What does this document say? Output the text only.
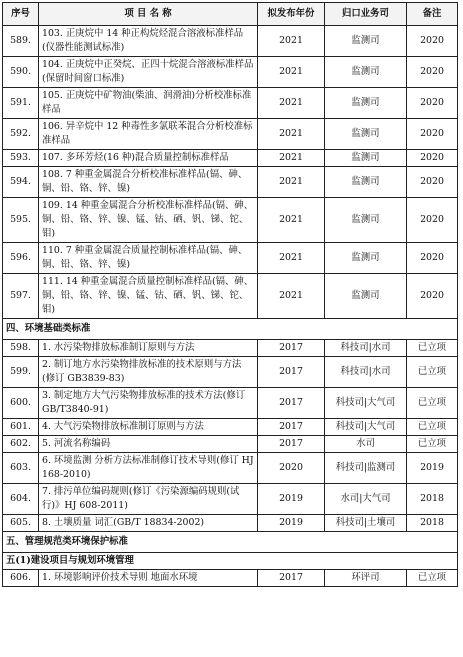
序号	项 目 名 称	拟发布年份	归口业务司	备注
589.	103. 正庚烷中 14 种正构烷烃混合溶液标准样品(仪器性能测试标准)	2021	监测司	2020
590.	104. 正庚烷中正癸烷、正四十烷混合溶液标准样品(保留时间窗口标准)	2021	监测司	2020
591.	105. 正庚烷中矿物油(柴油、润滑油)分析校准标准样品	2021	监测司	2020
592.	106. 异辛烷中 12 种毒性多氯联苯混合分析校准标准样品	2021	监测司	2020
593.	107. 多环芳烃(16 种)混合质量控制标准样品	2021	监测司	2020
594.	108. 7 种重金属混合分析校准标准样品(镉、砷、铜、铅、铬、锌、镍)	2021	监测司	2020
595.	109. 14 种重金属混合分析校准标准样品(镉、砷、铜、铅、铬、锌、镍、锰、钴、硒、钒、锑、铊、钼)	2021	监测司	2020
596.	110. 7 种重金属混合质量控制标准样品(镉、砷、铜、铅、铬、锌、镍)	2021	监测司	2020
597.	111. 14 种重金属混合质量控制标准样品(镉、砷、铜、铅、铬、锌、镍、锰、钴、硒、钒、锑、铊、钼)	2021	监测司	2020
四、环境基础类标准				
598.	1. 水污染物排放标准制订原则与方法	2017	科技司|水司	已立项
599.	2. 制订地方水污染物排放标准的技术原则与方法(修订 GB3839-83)	2017	科技司|水司	已立项
600.	3. 制定地方大气污染物排放标准的技术方法(修订 GB/T3840-91)	2017	科技司|大气司	已立项
601.	4. 大气污染物排放标准制订原则与方法	2017	科技司|大气司	已立项
602.	5. 河流名称编码	2017	水司	已立项
603.	6. 环境监测 分析方法标准制修订技术导则(修订 HJ 168-2010)	2020	科技司|监测司	2019
604.	7. 排污单位编码规则(修订《污染源编码规则(试行)》HJ 608-2011)	2019	水司|大气司	2018
605.	8. 土壤质量 词汇(GB/T 18834-2002)	2019	科技司|土壤司	2018
五、管理规范类环境保护标准				
五(1)建设项目与规划环境管理				
606.	1. 环境影响评价技术导则 地面水环境	2017	环评司	已立项
